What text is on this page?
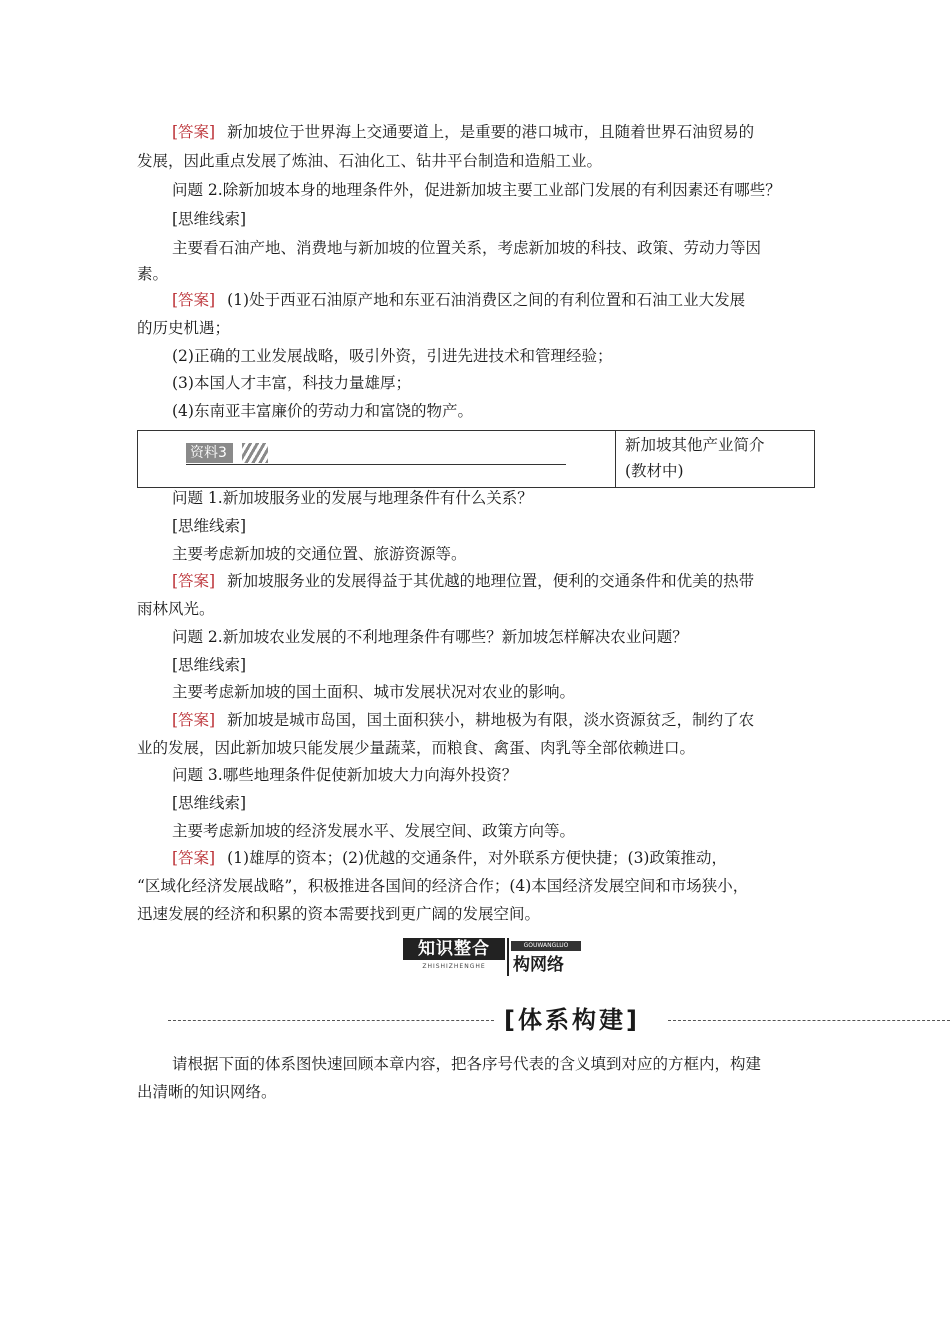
[答案] 新加坡位于世界海上交通要道上，是重要的港口城市，且随着世界石油贸易的
发展，因此重点发展了炼油、石油化工、钻井平台制造和造船工业。
问题 2.除新加坡本身的地理条件外，促进新加坡主要工业部门发展的有利因素还有哪些？
[思维线索]
主要看石油产地、消费地与新加坡的位置关系，考虑新加坡的科技、政策、劳动力等因
素。
[答案] (1)处于西亚石油原产地和东亚石油消费区之间的有利位置和石油工业大发展
的历史机遇；
(2)正确的工业发展战略，吸引外资，引进先进技术和管理经验；
(3)本国人才丰富，科技力量雄厚；
(4)东南亚丰富廉价的劳动力和富饶的物产。
资料3	新加坡其他产业简介
(教材中)
问题 1.新加坡服务业的发展与地理条件有什么关系？
[思维线索]
主要考虑新加坡的交通位置、旅游资源等。
[答案] 新加坡服务业的发展得益于其优越的地理位置，便利的交通条件和优美的热带
雨林风光。
问题 2.新加坡农业发展的不利地理条件有哪些？新加坡怎样解决农业问题？
[思维线索]
主要考虑新加坡的国土面积、城市发展状况对农业的影响。
[答案] 新加坡是城市岛国，国土面积狭小，耕地极为有限，淡水资源贫乏，制约了农
业的发展，因此新加坡只能发展少量蔬菜，而粮食、禽蛋、肉乳等全部依赖进口。
问题 3.哪些地理条件促使新加坡大力向海外投资？
[思维线索]
主要考虑新加坡的经济发展水平、发展空间、政策方向等。
[答案] (1)雄厚的资本；(2)优越的交通条件，对外联系方便快捷；(3)政策推动，
“区域化经济发展战略”，积极推进各国间的经济合作；(4)本国经济发展空间和市场狭小，
迅速发展的经济和积累的资本需要找到更广阔的发展空间。
知识整合
ZHISHIZHENGHE
GOUWANGLUO
构网络
[体系构建]
请根据下面的体系图快速回顾本章内容，把各序号代表的含义填到对应的方框内，构建
出清晰的知识网络。
